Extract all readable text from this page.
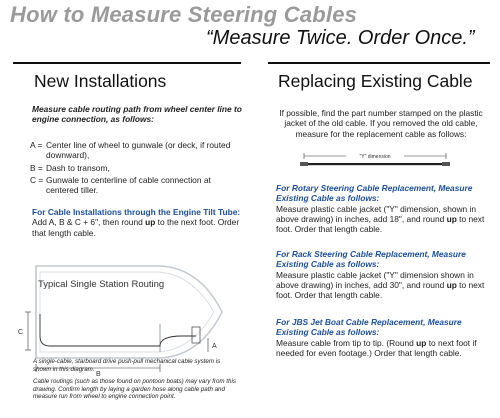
How to Measure Steering Cables
“Measure Twice. Order Once.”
New Installations	Replacing Existing Cable
Measure cable routing path from wheel center line to engine connection, as follows:
A = Center line of wheel to gunwale (or deck, if routed downward),
B = Dash to transom,
C = Gunwale to centerline of cable connection at centered tiller.
For Cable Installations through the Engine Tilt Tube:
Add A, B & C + 6", then round up to the next foot. Order that length cable.
C
B
A
Typical Single Station Routing
A single-cable, starboard drive push-pull mechanical cable system is shown in this diagram.
Cable routings (such as those found on pontoon boats) may vary from this drawing. Confirm length by laying a garden hose along cable path and measure run from wheel to engine connection point.
If possible, find the part number stamped on the plastic jacket of the old cable. If you removed the old cable, measure for the replacement cable as follows:
"Y" dimension
For Rotary Steering Cable Replacement, Measure Existing Cable as follows:
Measure plastic cable jacket ("Y" dimension, shown in above drawing) in inches, add 18", and round up to next foot. Order that length cable.
For Rack Steering Cable Replacement, Measure Existing Cable as follows:
Measure plastic cable jacket ("Y" dimension shown in above drawing) in inches, add 30", and round up to next foot. Order that length cable.
For JBS Jet Boat Cable Replacement, Measure Existing Cable as follows:
Measure cable from tip to tip. (Round up to next foot if needed for even footage.) Order that length cable.
